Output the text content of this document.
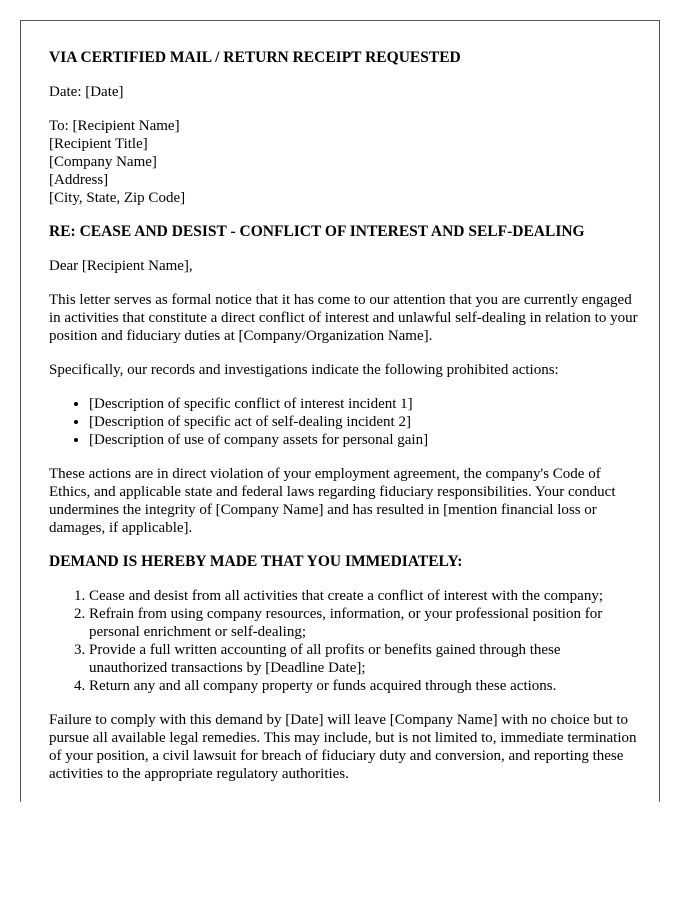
VIA CERTIFIED MAIL / RETURN RECEIPT REQUESTED

Date: [Date]

To: [Recipient Name]
[Recipient Title]
[Company Name]
[Address]
[City, State, Zip Code]
RE: CEASE AND DESIST - CONFLICT OF INTEREST AND SELF-DEALING

Dear [Recipient Name],

This letter serves as formal notice that it has come to our attention that you are currently engaged in activities that constitute a direct conflict of interest and unlawful self-dealing in relation to your position and fiduciary duties at [Company/Organization Name].

Specifically, our records and investigations indicate the following prohibited actions:

• [Description of specific conflict of interest incident 1]
• [Description of specific act of self-dealing incident 2]
• [Description of use of company assets for personal gain]

These actions are in direct violation of your employment agreement, the company's Code of Ethics, and applicable state and federal laws regarding fiduciary responsibilities. Your conduct undermines the integrity of [Company Name] and has resulted in [mention financial loss or damages, if applicable].

DEMAND IS HEREBY MADE THAT YOU IMMEDIATELY:
1. Cease and desist from all activities that create a conflict of interest with the company;
2. Refrain from using company resources, information, or your professional position for personal enrichment or self-dealing;
3. Provide a full written accounting of all profits or benefits gained through these unauthorized transactions by [Deadline Date];
4. Return any and all company property or funds acquired through these actions.

Failure to comply with this demand by [Date] will leave [Company Name] with no choice but to pursue all available legal remedies. This may include, but is not limited to, immediate termination of your position, a civil lawsuit for breach of fiduciary duty and conversion, and reporting these activities to the appropriate regulatory authorities.
